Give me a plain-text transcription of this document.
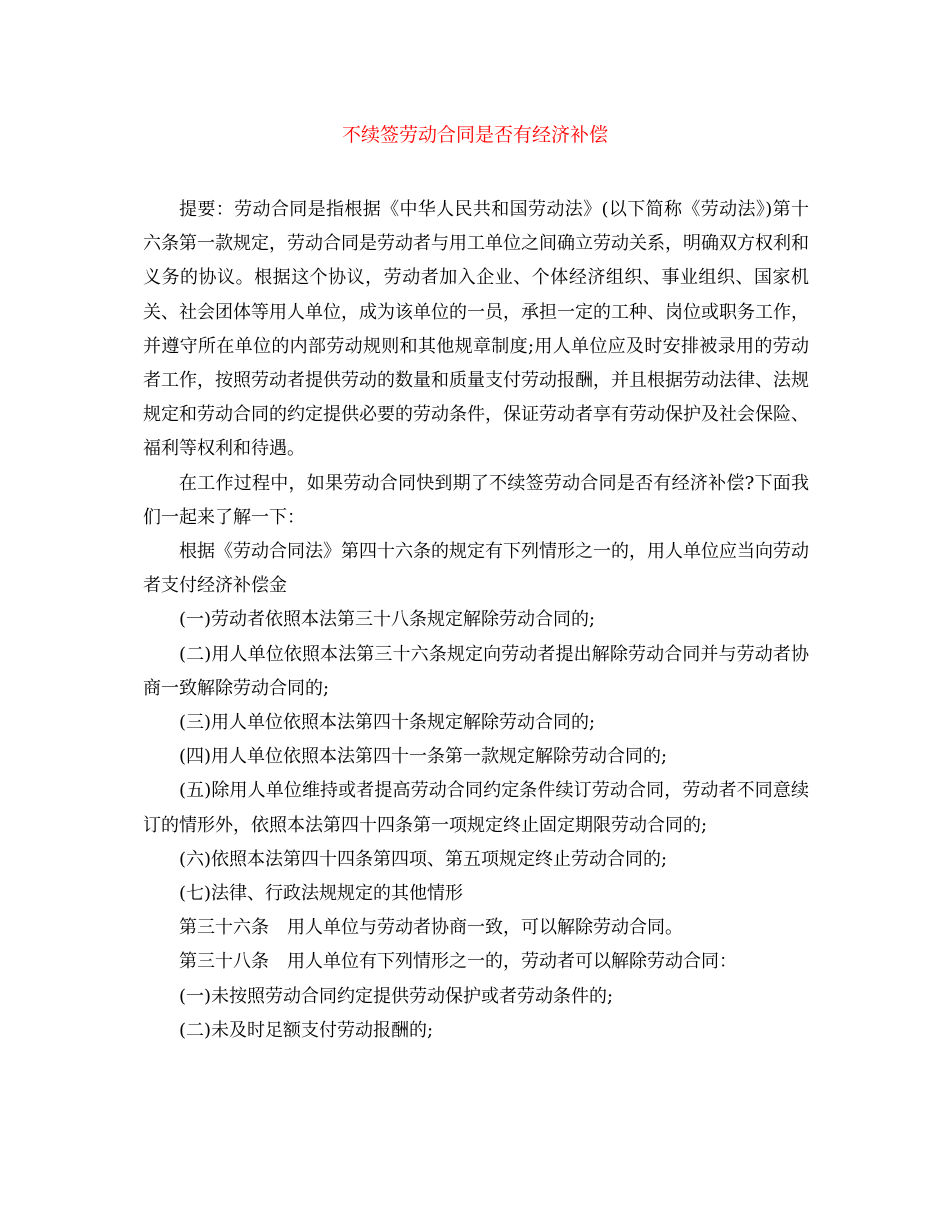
不续签劳动合同是否有经济补偿

提要：劳动合同是指根据《中华人民共和国劳动法》(以下简称《劳动法》)第十六条第一款规定，劳动合同是劳动者与用工单位之间确立劳动关系，明确双方权利和义务的协议。根据这个协议，劳动者加入企业、个体经济组织、事业组织、国家机关、社会团体等用人单位，成为该单位的一员，承担一定的工种、岗位或职务工作，并遵守所在单位的内部劳动规则和其他规章制度;用人单位应及时安排被录用的劳动者工作，按照劳动者提供劳动的数量和质量支付劳动报酬，并且根据劳动法律、法规规定和劳动合同的约定提供必要的劳动条件，保证劳动者享有劳动保护及社会保险、福利等权利和待遇。

在工作过程中，如果劳动合同快到期了不续签劳动合同是否有经济补偿?下面我们一起来了解一下：

根据《劳动合同法》第四十六条的规定有下列情形之一的，用人单位应当向劳动者支付经济补偿金

(一)劳动者依照本法第三十八条规定解除劳动合同的;

(二)用人单位依照本法第三十六条规定向劳动者提出解除劳动合同并与劳动者协商一致解除劳动合同的;

(三)用人单位依照本法第四十条规定解除劳动合同的;

(四)用人单位依照本法第四十一条第一款规定解除劳动合同的;

(五)除用人单位维持或者提高劳动合同约定条件续订劳动合同，劳动者不同意续订的情形外，依照本法第四十四条第一项规定终止固定期限劳动合同的;

(六)依照本法第四十四条第四项、第五项规定终止劳动合同的;

(七)法律、行政法规规定的其他情形

第三十六条　用人单位与劳动者协商一致，可以解除劳动合同。

第三十八条　用人单位有下列情形之一的，劳动者可以解除劳动合同：

(一)未按照劳动合同约定提供劳动保护或者劳动条件的;

(二)未及时足额支付劳动报酬的;
